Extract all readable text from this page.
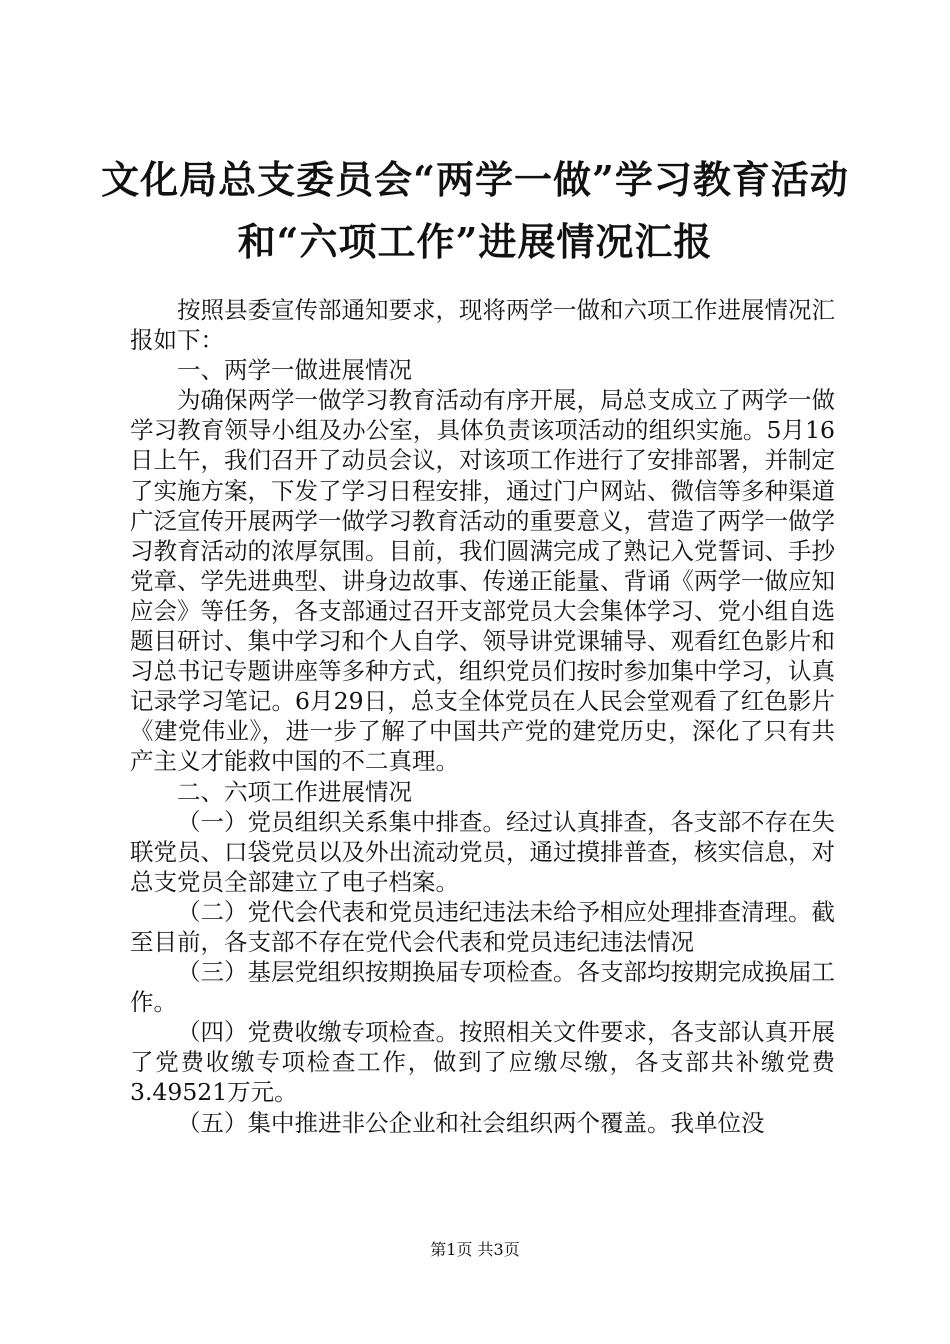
文化局总支委员会“两学一做”学习教育活动
和“六项工作”进展情况汇报

按照县委宣传部通知要求，现将两学一做和六项工作进展情况汇报如下：

一、两学一做进展情况

为确保两学一做学习教育活动有序开展，局总支成立了两学一做学习教育领导小组及办公室，具体负责该项活动的组织实施。5月16日上午，我们召开了动员会议，对该项工作进行了安排部署，并制定了实施方案，下发了学习日程安排，通过门户网站、微信等多种渠道广泛宣传开展两学一做学习教育活动的重要意义，营造了两学一做学习教育活动的浓厚氛围。目前，我们圆满完成了熟记入党誓词、手抄党章、学先进典型、讲身边故事、传递正能量、背诵《两学一做应知应会》等任务，各支部通过召开支部党员大会集体学习、党小组自选题目研讨、集中学习和个人自学、领导讲党课辅导、观看红色影片和习总书记专题讲座等多种方式，组织党员们按时参加集中学习，认真记录学习笔记。6月29日，总支全体党员在人民会堂观看了红色影片《建党伟业》，进一步了解了中国共产党的建党历史，深化了只有共产主义才能救中国的不二真理。

二、六项工作进展情况

（一）党员组织关系集中排查。经过认真排查，各支部不存在失联党员、口袋党员以及外出流动党员，通过摸排普查，核实信息，对总支党员全部建立了电子档案。

（二）党代会代表和党员违纪违法未给予相应处理排查清理。截至目前，各支部不存在党代会代表和党员违纪违法情况

（三）基层党组织按期换届专项检查。各支部均按期完成换届工作。

（四）党费收缴专项检查。按照相关文件要求，各支部认真开展了党费收缴专项检查工作，做到了应缴尽缴，各支部共补缴党费3.49521万元。

（五）集中推进非公企业和社会组织两个覆盖。我单位没

第1页 共3页
